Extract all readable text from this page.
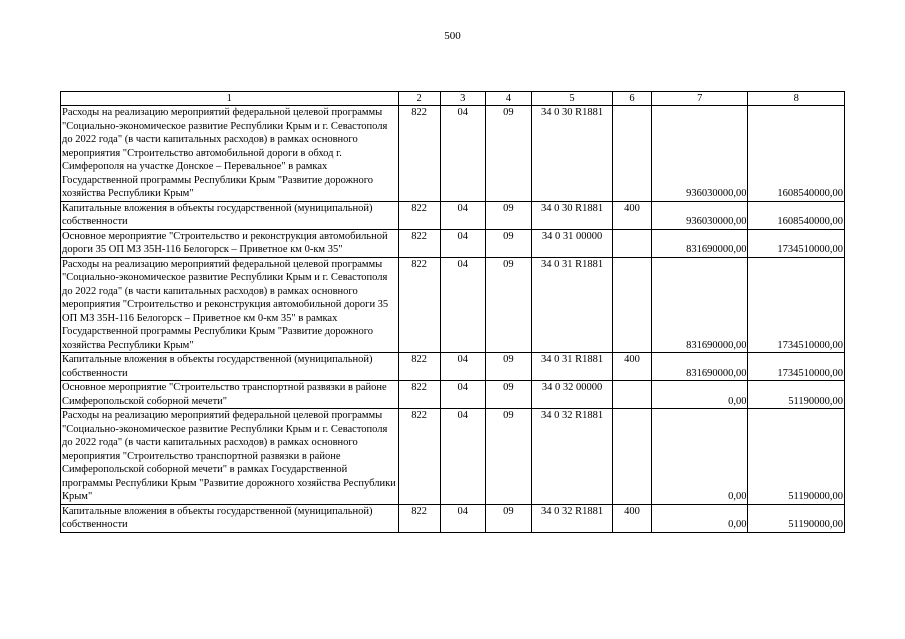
500
1	2	3	4	5	6	7	8
Расходы на реализацию мероприятий федеральной целевой программы "Социально-экономическое развитие Республики Крым и г. Севастополя до 2022 года" (в части капитальных расходов) в рамках основного мероприятия "Строительство автомобильной дороги в обход г. Симферополя на участке Донское – Перевальное" в рамках Государственной программы Республики Крым "Развитие дорожного хозяйства Республики Крым"	822	04	09	34 0 30 R1881		936030000,00	1608540000,00
Капитальные вложения в объекты государственной (муниципальной) собственности	822	04	09	34 0 30 R1881	400	936030000,00	1608540000,00
Основное мероприятие "Строительство и реконструкция автомобильной дороги 35 ОП МЗ 35Н-116 Белогорск – Приветное км 0-км 35"	822	04	09	34 0 31 00000		831690000,00	1734510000,00
Расходы на реализацию мероприятий федеральной целевой программы "Социально-экономическое развитие Республики Крым и г. Севастополя до 2022 года" (в части капитальных расходов) в рамках основного мероприятия "Строительство и реконструкция автомобильной дороги 35 ОП МЗ 35Н-116 Белогорск – Приветное км 0-км 35" в рамках Государственной программы Республики Крым "Развитие дорожного хозяйства Республики Крым"	822	04	09	34 0 31 R1881		831690000,00	1734510000,00
Капитальные вложения в объекты государственной (муниципальной) собственности	822	04	09	34 0 31 R1881	400	831690000,00	1734510000,00
Основное мероприятие "Строительство транспортной развязки в районе Симферопольской соборной мечети"	822	04	09	34 0 32 00000		0,00	51190000,00
Расходы на реализацию мероприятий федеральной целевой программы "Социально-экономическое развитие Республики Крым и г. Севастополя до 2022 года" (в части капитальных расходов) в рамках основного мероприятия "Строительство транспортной развязки в районе Симферопольской соборной мечети" в рамках Государственной программы Республики Крым "Развитие дорожного хозяйства Республики Крым"	822	04	09	34 0 32 R1881		0,00	51190000,00
Капитальные вложения в объекты государственной (муниципальной) собственности	822	04	09	34 0 32 R1881	400	0,00	51190000,00
